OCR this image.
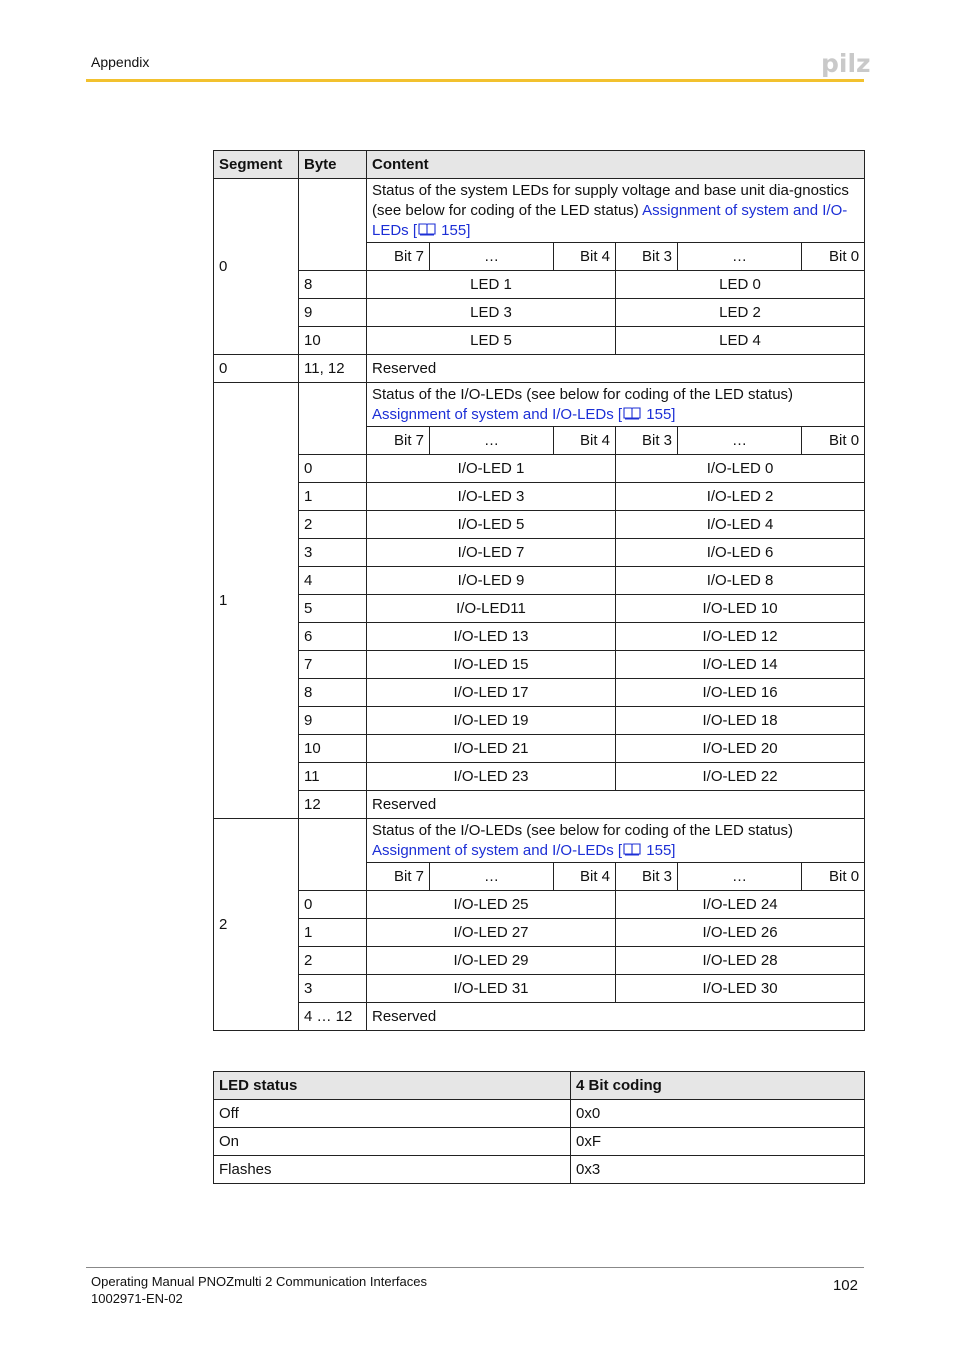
Appendix	pilz
Segment	Byte	Content					
0		Status of the system LEDs for supply voltage and base unit dia-gnostics (see below for coding of the LED status) Assignment of system and I/O-LEDs [ 155]					
		Bit 7	…	Bit 4	Bit 3	…	Bit 0
	8	LED 1			LED 0		
	9	LED 3			LED 2		
	10	LED 5			LED 4		
0	11, 12	Reserved					
1		Status of the I/O-LEDs (see below for coding of the LED status) Assignment of system and I/O-LEDs [ 155]					
		Bit 7	…	Bit 4	Bit 3	…	Bit 0
	0	I/O-LED 1			I/O-LED 0		
	1	I/O-LED 3			I/O-LED 2		
	2	I/O-LED 5			I/O-LED 4		
	3	I/O-LED 7			I/O-LED 6		
	4	I/O-LED 9			I/O-LED 8		
	5	I/O-LED11			I/O-LED 10		
	6	I/O-LED 13			I/O-LED 12		
	7	I/O-LED 15			I/O-LED 14		
	8	I/O-LED 17			I/O-LED 16		
	9	I/O-LED 19			I/O-LED 18		
	10	I/O-LED 21			I/O-LED 20		
	11	I/O-LED 23			I/O-LED 22		
	12	Reserved					
2		Status of the I/O-LEDs (see below for coding of the LED status) Assignment of system and I/O-LEDs [ 155]					
		Bit 7	…	Bit 4	Bit 3	…	Bit 0
	0	I/O-LED 25			I/O-LED 24		
	1	I/O-LED 27			I/O-LED 26		
	2	I/O-LED 29			I/O-LED 28		
	3	I/O-LED 31			I/O-LED 30		
	4 … 12	Reserved					
LED status	4 Bit coding
Off	0x0
On	0xF
Flashes	0x3
Operating Manual PNOZmulti 2 Communication Interfaces
1002971-EN-02
102
